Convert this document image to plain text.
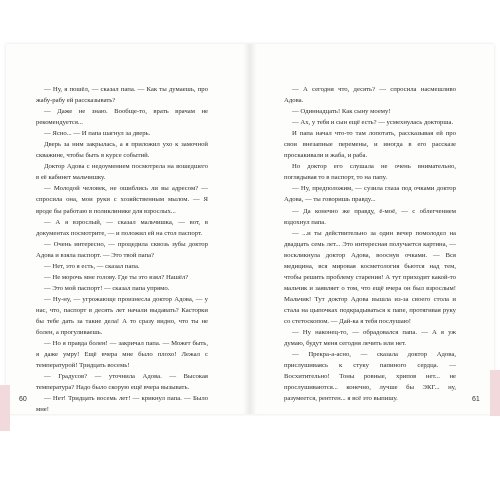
— Ну, я пошёл, — сказал папа. — Как ты думаешь, про жабу-рабу ей рассказывать?

— Даже не знаю. Вообще-то, врать врачам не рекомендуется...

— Ясно... — И папа шагнул за дверь.

Дверь за ним закрылась, а я приложил ухо к замочной скважине, чтобы быть в курсе событий.

Доктор Адова с недоумением посмотрела на вошедшего в её кабинет мальчишку.

— Молодой человек, не ошиблись ли вы адресом? — спросила она, мои руки с хозяйственным мылом. — Я вроде бы работаю в поликлинике для взрослых...

— А я взрослый, — сказал мальчишка, — вот, в документах посмотрите, — и положил ей на стол паспорт.

— Очень интересно, — процедила сквозь зубы доктор Адова и взяла паспорт. — Это твой папа?

— Нет, это я есть, — сказал папа.

— Не морочь мне голову. Где ты это взял? Нашёл?

— Это мой паспорт! — сказал папа упрямо.

— Ну-ну, — угрожающе произнесла доктор Адова, — у нас, что, паспорт в десять лет начали выдавать? Касторки бы тебе дать за такие дела! А то сразу видно, что ты не болен, а прогуливаешь.

— Но я правда болен! — закричал папа. — Может быть, я даже умру! Ещё вчера мне было плохо! Лежал с температурой! Тридцать восемь!

— Градусов? — уточнила Адова. — Высокая температура? Надо было скорую ещё вчера вызывать.

— Нет! Тридцать восемь лет! — крикнул папа. — Было мне!

— А сегодня что, десять? — спросила насмешливо Адова.

— Одиннадцать! Как сыну моему!

— Ах, у тебя и сын ещё есть? — усмехнулась докторша.

И папа начал что-то там лопотать, рассказывая ей про свои внезапные перемены, и иногда в его рассказе проскакивали и жаба, и раба.

Но доктор его слушала не очень внимательно, поглядывая то в паспорт, то на папу.

— Ну, предположим, — сузила глаза под очками доктор Адова, — ты говоришь правду...

— Да конечно же правду, ё-моё, — с облегчением вздохнул папа.

— ...и ты действительно за один вечер помолодел на двадцать семь лет... Это интересная получается картина, — воскликнула доктор Адова, вооснув очками. — Вся медицина, вся мировая косметология бьются над тем, чтобы решить проблему старения! А тут приходит какой-то мальчик и заявляет о том, что ещё вчера он был взрослым! Мальчик! Тут доктор Адова вышла из-за своего стола и стала на цыпочках подкрадываться к папе, протягивая руку со стетоскопом. — Дай-ка я тебя послушаю!

— Ну наконец-то, — обрадовался папа. — А я уж думаю, будут меня сегодня лечить или нет.

— Прекра-а-асно, — сказала доктор Адова, прислушиваясь к стуку папиного сердца. — Восхитительно! Тоны ровные, хрипов нет... не прослушиваются... конечно, лучше бы ЭКГ... ну, разумеется, рентген... я всё это выпишу.

60	61
